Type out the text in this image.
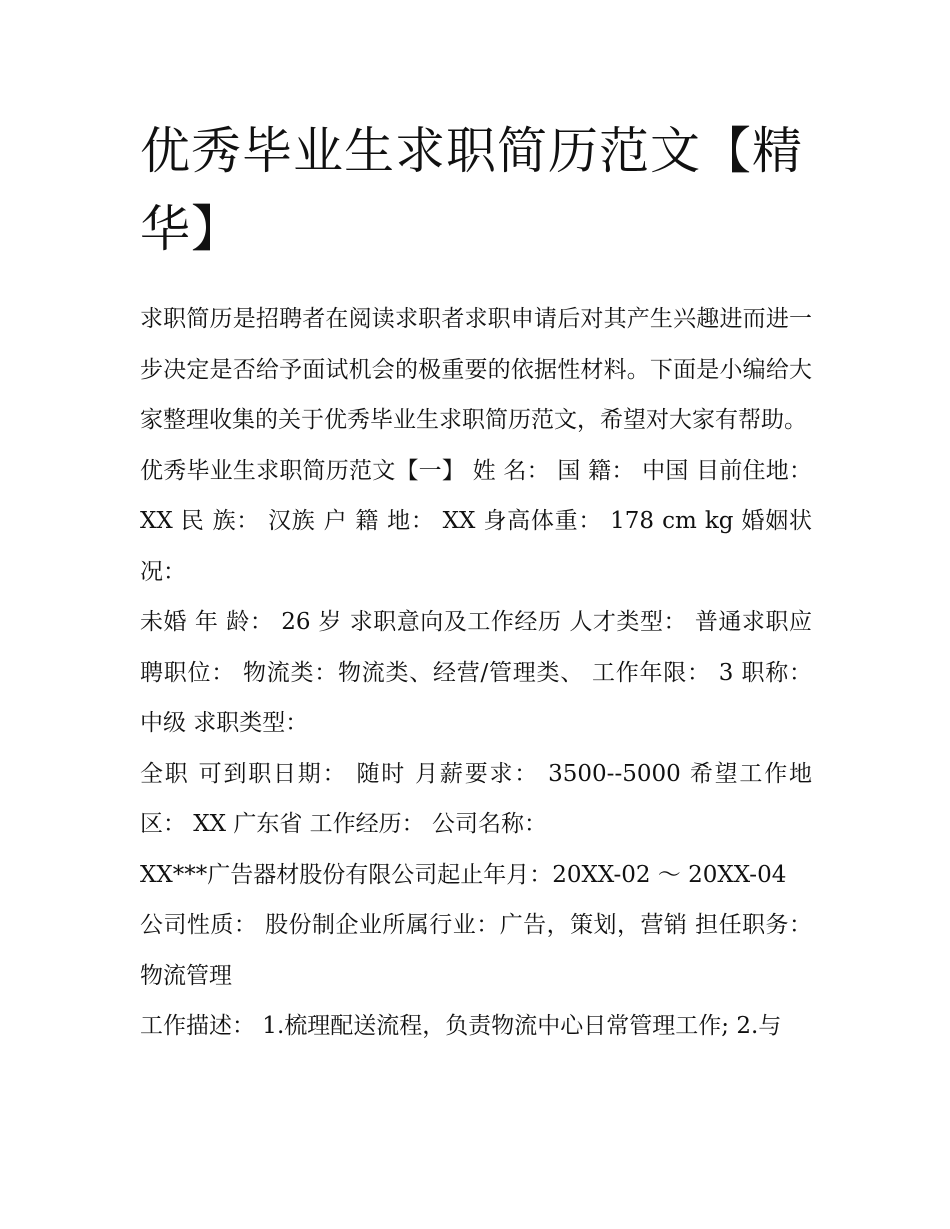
优秀毕业生求职简历范文【精华】

求职简历是招聘者在阅读求职者求职申请后对其产生兴趣进而进一步决定是否给予面试机会的极重要的依据性材料。下面是小编给大家整理收集的关于优秀毕业生求职简历范文，希望对大家有帮助。

优秀毕业生求职简历范文【一】 姓 名： 国 籍： 中国 目前住地： XX 民 族： 汉族 户 籍 地： XX 身高体重： 178 cm kg 婚姻状况：

未婚 年 龄： 26 岁 求职意向及工作经历 人才类型： 普通求职应聘职位： 物流类：物流类、经营/管理类、 工作年限： 3 职称： 中级 求职类型：

全职 可到职日期： 随时 月薪要求： 3500--5000 希望工作地区： XX 广东省 工作经历： 公司名称：

XX***广告器材股份有限公司起止年月：20XX-02 ～ 20XX-04

公司性质： 股份制企业所属行业：广告，策划，营销 担任职务： 物流管理

工作描述： 1.梳理配送流程，负责物流中心日常管理工作; 2.与
